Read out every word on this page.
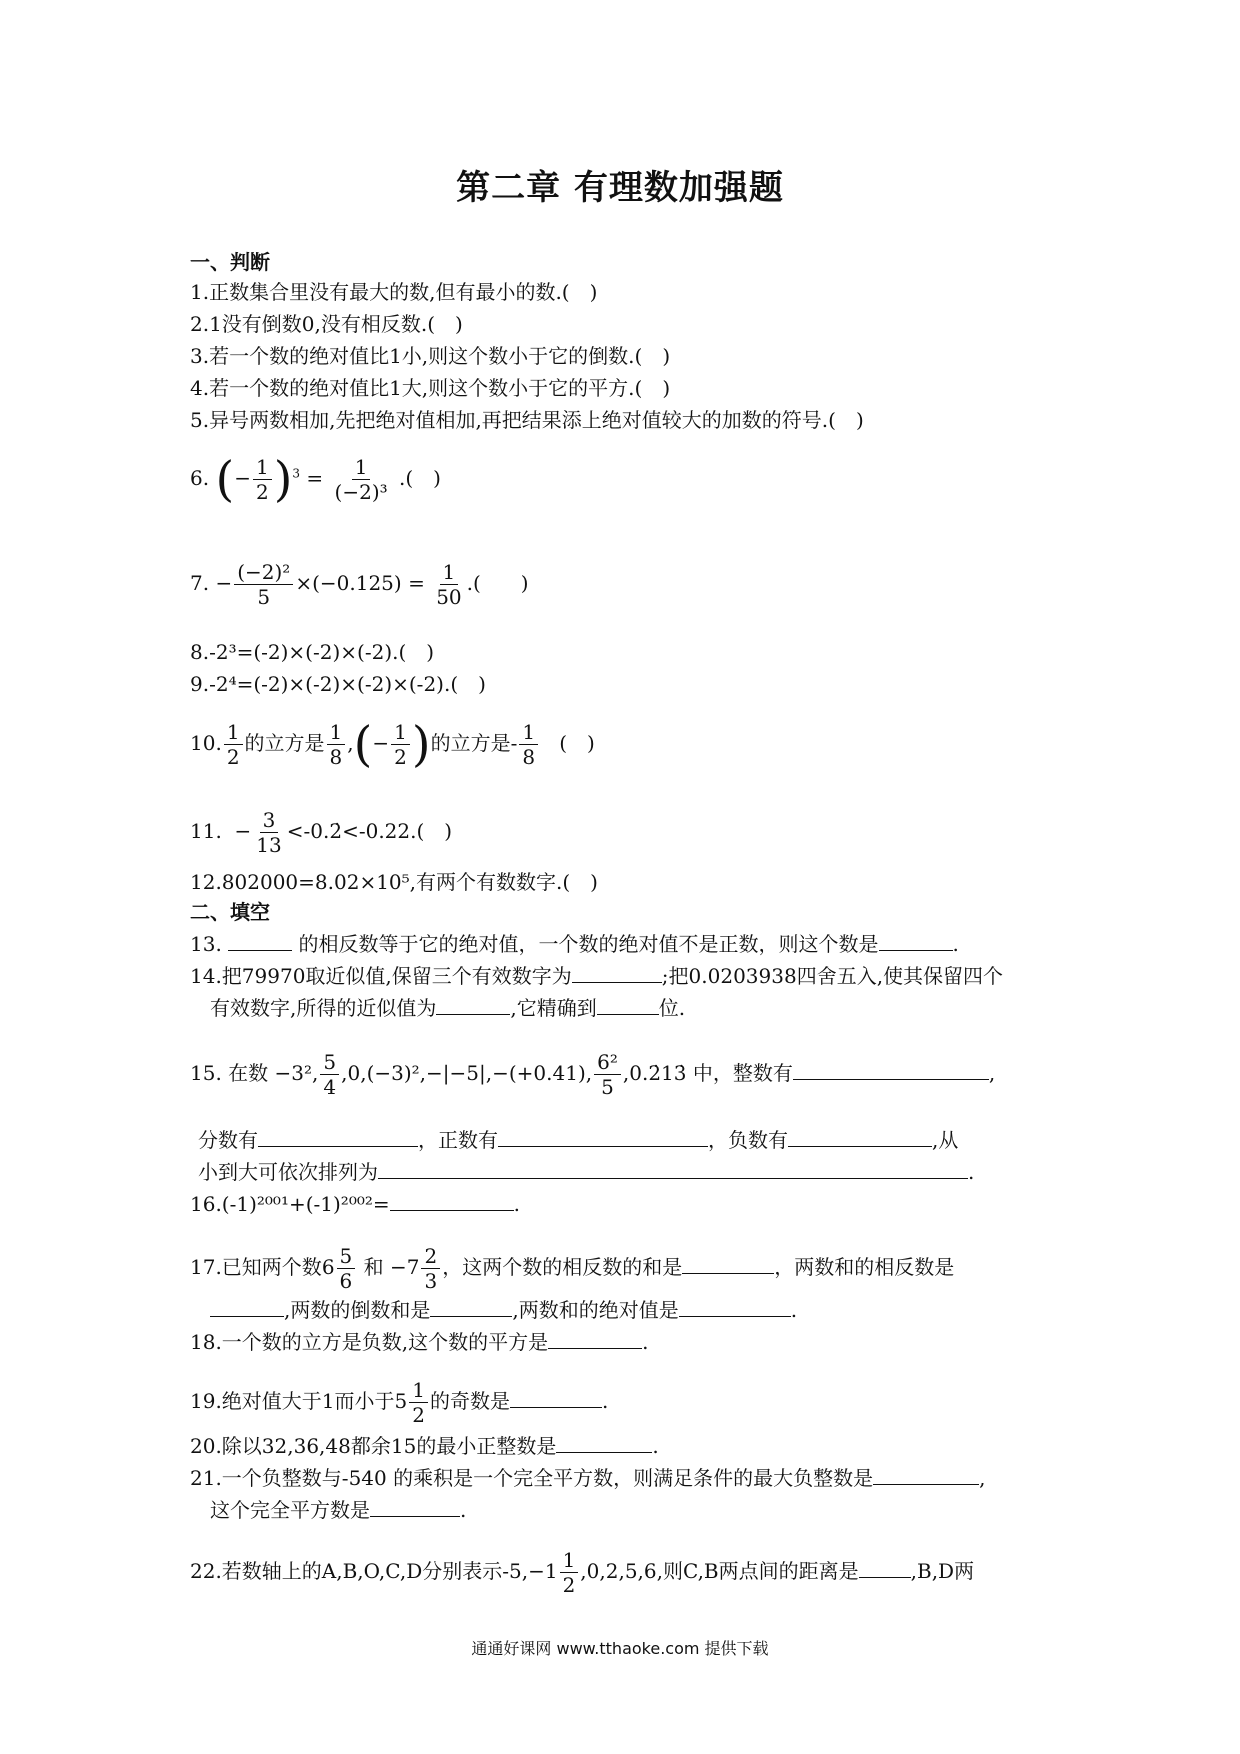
第二章 有理数加强题
一、判断
1.正数集合里没有最大的数,但有最小的数.(　)
2.1没有倒数0,没有相反数.(　)
3.若一个数的绝对值比1小,则这个数小于它的倒数.(　)
4.若一个数的绝对值比1大,则这个数小于它的平方.(　)
5.异号两数相加,先把绝对值相加,再把结果添上绝对值较大的加数的符号.(　)
6. (− $\frac{1}{2} )^3 = \frac{1}{\text{(−2)³}}$ .(　)
7. − $\frac{\text{(−2)²}}{5} \times(-0.125) = \frac{1}{50}$ .(　　)
8.-2³=(-2)×(-2)×(-2).(　)
9.-2⁴=(-2)×(-2)×(-2)×(-2).(　)
10. $\frac{1}{2}$ 的立方是 $\frac{1}{8}$ ,(− $\frac{1}{2}$ )的立方是- $\frac{1}{8}$ (　)
11.  − $\frac{3}{13}$ <-0.2̇<-0.22.(　)
12.802000=8.02×10⁵,有两个有数数字.(　)
二、填空
13.	的相反数等于它的绝对值，一个数的绝对值不是正数，则这个数是	.
14.把79970取近似值,保留三个有效数字为	;把0.0203938四舍五入,使其保留四个
有效数字,所得的近似值为	,它精确到	位.
15. 在数 −3², $\frac{5}{4} ,0,(-3)^2,-|-5|,-(+0.41)$, $\frac{\text{6²}}{5}$ ,0.2̇13̇ 中，整数有	,
分数有	，正数有	，负数有	,从
小到大可依次排列为	.
16.(-1)²⁰⁰¹+(-1)²⁰⁰²=	.
17.已知两个数$6 \frac{5}{6}$ 和 $-7 \frac{2}{3}$ ，这两个数的相反数的和是	，两数和的相反数是
,两数的倒数和是	,两数和的绝对值是	.
18.一个数的立方是负数,这个数的平方是	.
19.绝对值大于1而小于$5 \frac{1}{2}$ 的奇数是	.
20.除以32,36,48都余15的最小正整数是	.
21.一个负整数与-540 的乘积是一个完全平方数，则满足条件的最大负整数是	,
这个完全平方数是	.
22.若数轴上的A,B,O,C,D分别表示$-5,-1 \frac{1}{2} ,0,2,5,6$,则C,B两点间的距离是	,B,D两
通通好课网 www.tthaoke.com 提供下载
